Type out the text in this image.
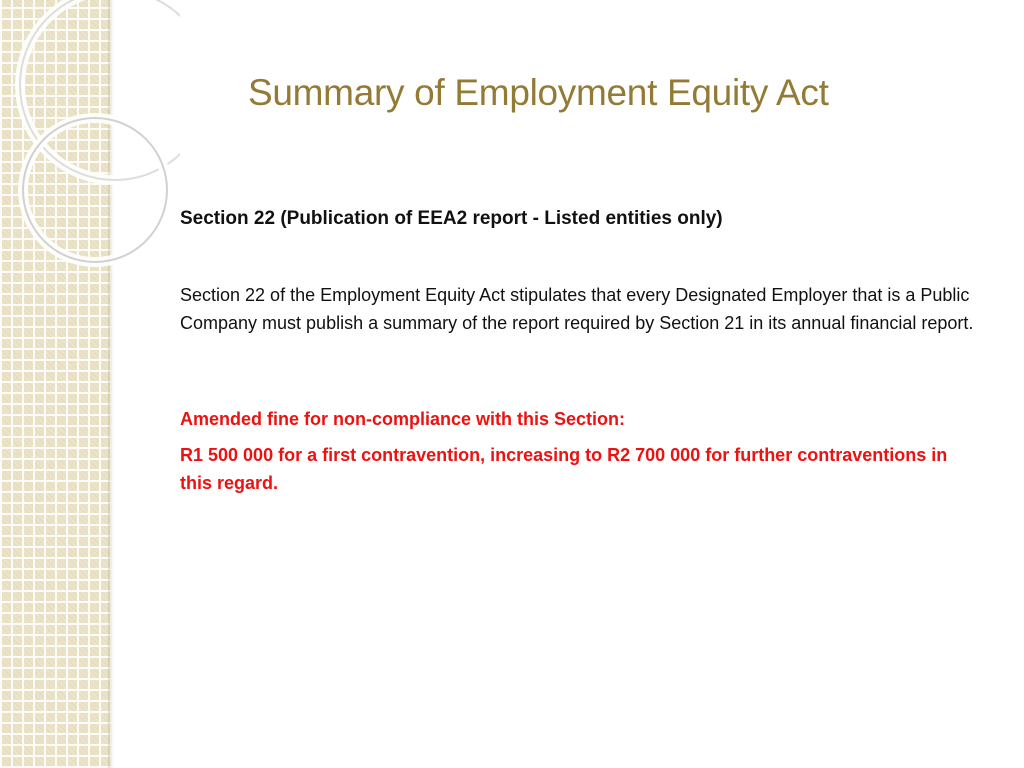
Summary of Employment Equity Act

Section 22 (Publication of EEA2 report - Listed entities only)

Section 22 of the Employment Equity Act stipulates that every Designated Employer that is a Public Company must publish a summary of the report required by Section 21 in its annual financial report.

Amended fine for non-compliance with this Section:

R1 500 000 for a first contravention, increasing to R2 700 000 for further contraventions in this regard.
